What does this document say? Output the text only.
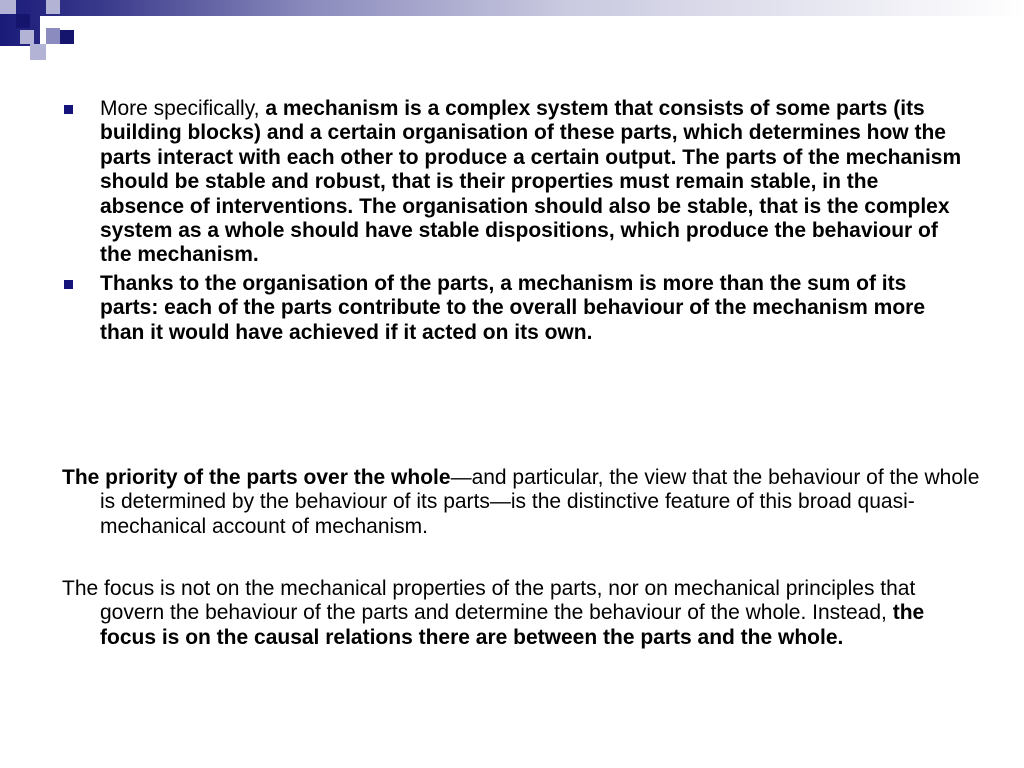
More specifically, a mechanism is a complex system that consists of some parts (its building blocks) and a certain organisation of these parts, which determines how the parts interact with each other to produce a certain output. The parts of the mechanism should be stable and robust, that is their properties must remain stable, in the absence of interventions. The organisation should also be stable, that is the complex system as a whole should have stable dispositions, which produce the behaviour of the mechanism.
Thanks to the organisation of the parts, a mechanism is more than the sum of its parts: each of the parts contribute to the overall behaviour of the mechanism more than it would have achieved if it acted on its own.

The priority of the parts over the whole—and particular, the view that the behaviour of the whole is determined by the behaviour of its parts—is the distinctive feature of this broad quasi-mechanical account of mechanism.

The focus is not on the mechanical properties of the parts, nor on mechanical principles that govern the behaviour of the parts and determine the behaviour of the whole. Instead, the focus is on the causal relations there are between the parts and the whole.
